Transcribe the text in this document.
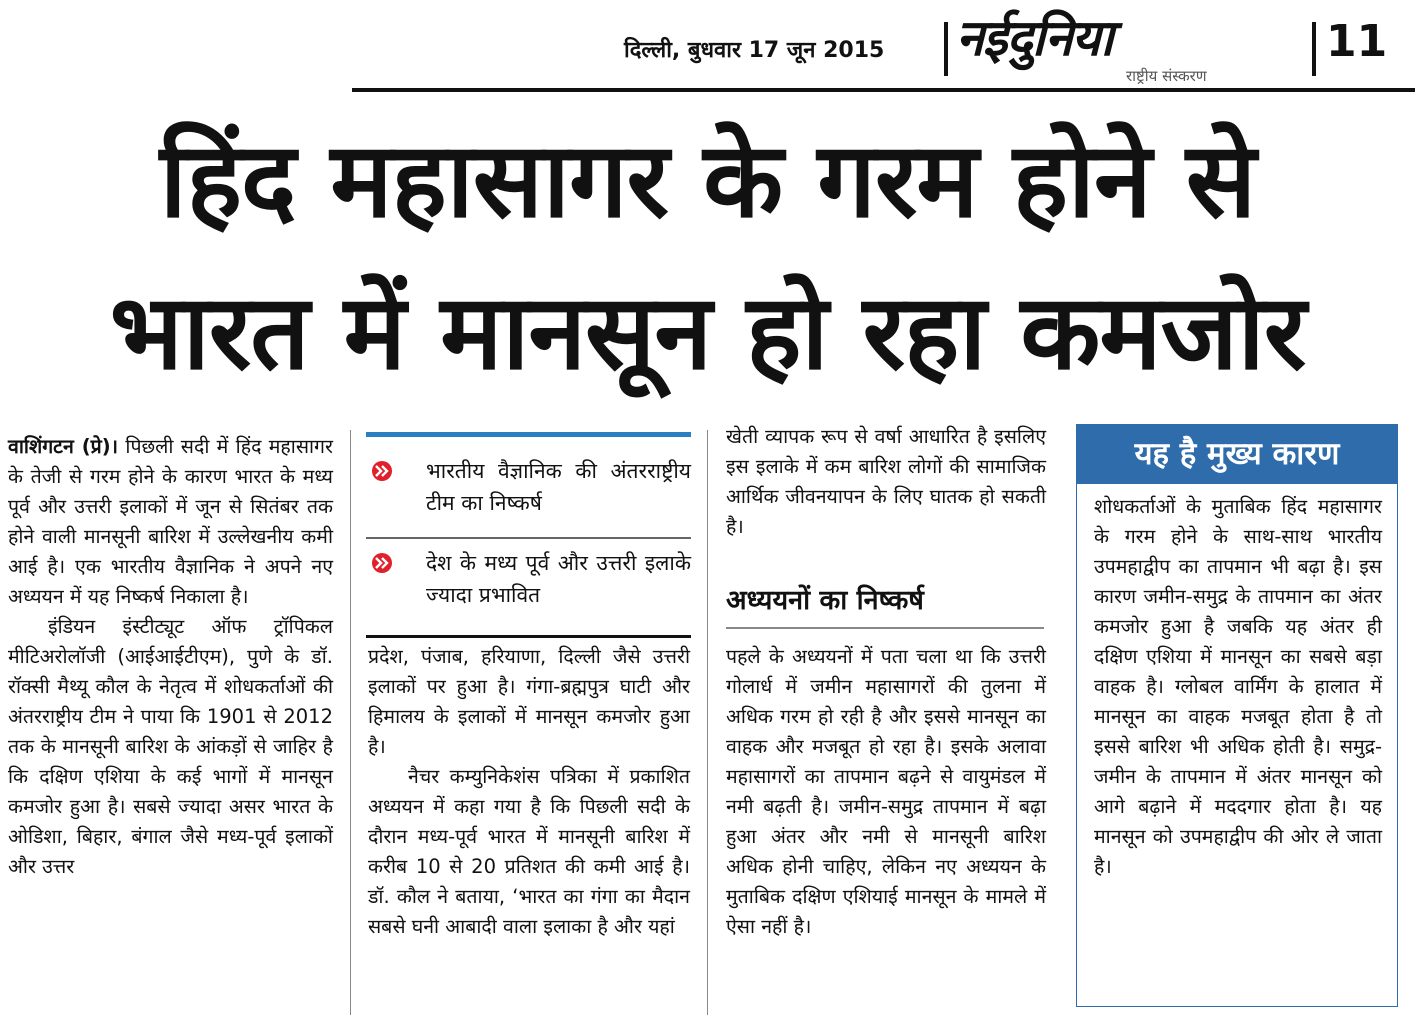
दिल्ली, बुधवार 17 जून 2015 नईदुनिया
राष्ट्रीय संस्करण
11
हिंद महासागर के गरम होने से
भारत में मानसून हो रहा कमजोर

वाशिंगटन (प्रे)। पिछली सदी में हिंद महासागर के तेजी से गरम होने के कारण भारत के मध्य पूर्व और उत्तरी इलाकों में जून से सितंबर तक होने वाली मानसूनी बारिश में उल्लेखनीय कमी आई है। एक भारतीय वैज्ञानिक ने अपने नए अध्ययन में यह निष्कर्ष निकाला है।

इंडियन इंस्टीट्यूट ऑफ ट्रॉपिकल मीटिअरोलॉजी (आईआईटीएम), पुणे के डॉ. रॉक्सी मैथ्यू कौल के नेतृत्व में शोधकर्ताओं की अंतरराष्ट्रीय टीम ने पाया कि 1901 से 2012 तक के मानसूनी बारिश के आंकड़ों से जाहिर है कि दक्षिण एशिया के कई भागों में मानसून कमजोर हुआ है। सबसे ज्यादा असर भारत के ओडिशा, बिहार, बंगाल जैसे मध्य-पूर्व इलाकों और उत्तर

भारतीय वैज्ञानिक की अंतरराष्ट्रीय टीम का निष्कर्ष
देश के मध्य पूर्व और उत्तरी इलाके ज्यादा प्रभावित

प्रदेश, पंजाब, हरियाणा, दिल्ली जैसे उत्तरी इलाकों पर हुआ है। गंगा-ब्रह्मपुत्र घाटी और हिमालय के इलाकों में मानसून कमजोर हुआ है।

नैचर कम्युनिकेशंस पत्रिका में प्रकाशित अध्ययन में कहा गया है कि पिछली सदी के दौरान मध्य-पूर्व भारत में मानसूनी बारिश में करीब 10 से 20 प्रतिशत की कमी आई है। डॉ. कौल ने बताया, ‘भारत का गंगा का मैदान सबसे घनी आबादी वाला इलाका है और यहां

खेती व्यापक रूप से वर्षा आधारित है इसलिए इस इलाके में कम बारिश लोगों की सामाजिक आर्थिक जीवनयापन के लिए घातक हो सकती है।

अध्ययनों का निष्कर्ष

पहले के अध्ययनों में पता चला था कि उत्तरी गोलार्ध में जमीन महासागरों की तुलना में अधिक गरम हो रही है और इससे मानसून का वाहक और मजबूत हो रहा है। इसके अलावा महासागरों का तापमान बढ़ने से वायुमंडल में नमी बढ़ती है। जमीन-समुद्र तापमान में बढ़ा हुआ अंतर और नमी से मानसूनी बारिश अधिक होनी चाहिए, लेकिन नए अध्ययन के मुताबिक दक्षिण एशियाई मानसून के मामले में ऐसा नहीं है।

यह है मुख्य कारण
शोधकर्ताओं के मुताबिक हिंद महासागर के गरम होने के साथ-साथ भारतीय उपमहाद्वीप का तापमान भी बढ़ा है। इस कारण जमीन-समुद्र के तापमान का अंतर कमजोर हुआ है जबकि यह अंतर ही दक्षिण एशिया में मानसून का सबसे बड़ा वाहक है। ग्लोबल वार्मिंग के हालात में मानसून का वाहक मजबूत होता है तो इससे बारिश भी अधिक होती है। समुद्र-जमीन के तापमान में अंतर मानसून को आगे बढ़ाने में मददगार होता है। यह मानसून को उपमहाद्वीप की ओर ले जाता है।
